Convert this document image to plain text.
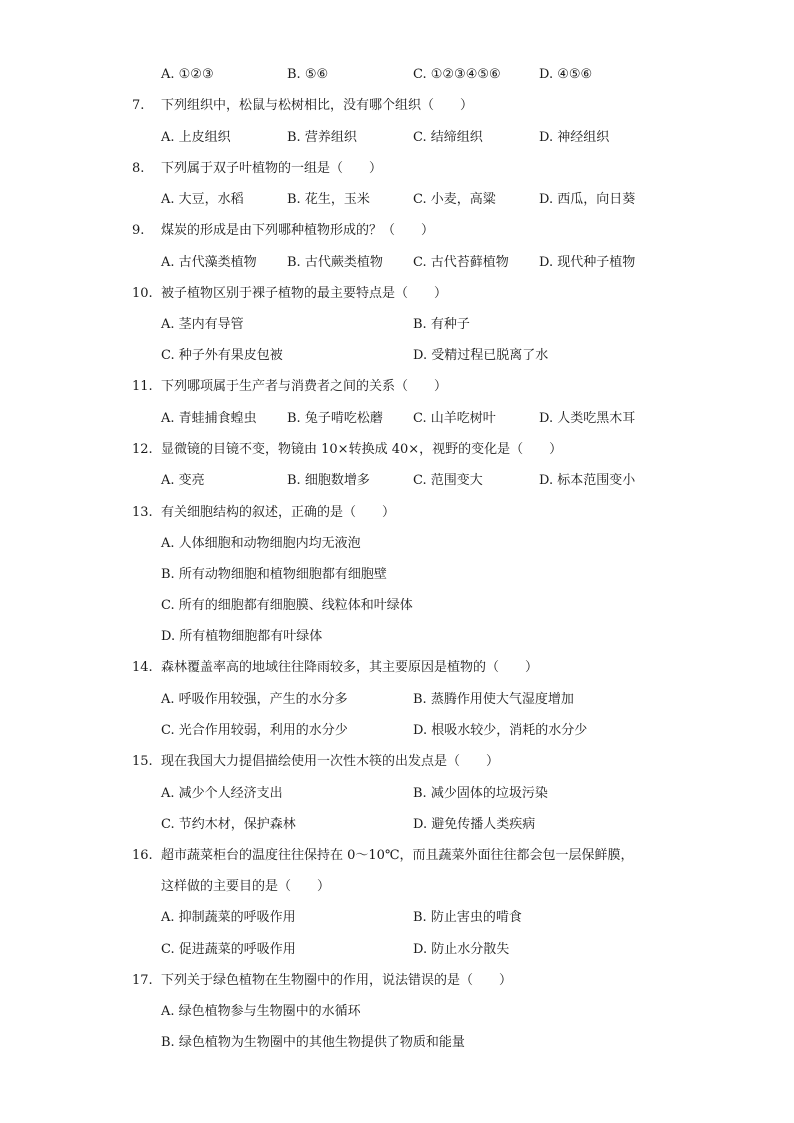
A. ①②③	B. ⑤⑥	C. ①②③④⑤⑥	D. ④⑤⑥
7.	下列组织中，松鼠与松树相比，没有哪个组织（　　）
A. 上皮组织	B. 营养组织	C. 结缔组织	D. 神经组织
8.	下列属于双子叶植物的一组是（　　）
A. 大豆，水稻	B. 花生，玉米	C. 小麦，高粱	D. 西瓜，向日葵
9.	煤炭的形成是由下列哪种植物形成的？（　　）
A. 古代藻类植物 B. 古代蕨类植物 C. 古代苔藓植物 D. 现代种子植物
10. 被子植物区别于裸子植物的最主要特点是（　　）
A. 茎内有导管	B. 有种子
C. 种子外有果皮包被	D. 受精过程已脱离了水
11. 下列哪项属于生产者与消费者之间的关系（　　）
A. 青蛙捕食蝗虫 B. 兔子啃吃松蘑 C. 山羊吃树叶	D. 人类吃黑木耳
12. 显微镜的目镜不变，物镜由 10×转换成 40×，视野的变化是（　　）
A. 变亮	B. 细胞数增多	C. 范围变大	D. 标本范围变小
13. 有关细胞结构的叙述，正确的是（　　）
A. 人体细胞和动物细胞内均无液泡
B. 所有动物细胞和植物细胞都有细胞壁
C. 所有的细胞都有细胞膜、线粒体和叶绿体
D. 所有植物细胞都有叶绿体
14. 森林覆盖率高的地域往往降雨较多，其主要原因是植物的（　　）
A. 呼吸作用较强，产生的水分多	B. 蒸腾作用使大气湿度增加
C. 光合作用较弱，利用的水分少	D. 根吸水较少，消耗的水分少
15. 现在我国大力提倡描绘使用一次性木筷的出发点是（　　）
A. 减少个人经济支出	B. 减少固体的垃圾污染
C. 节约木材，保护森林	D. 避免传播人类疾病
16. 超市蔬菜柜台的温度往往保持在 0～10℃，而且蔬菜外面往往都会包一层保鲜膜，
这样做的主要目的是（　　）
A. 抑制蔬菜的呼吸作用	B. 防止害虫的啃食
C. 促进蔬菜的呼吸作用	D. 防止水分散失
17. 下列关于绿色植物在生物圈中的作用，说法错误的是（　　）
A. 绿色植物参与生物圈中的水循环
B. 绿色植物为生物圈中的其他生物提供了物质和能量
